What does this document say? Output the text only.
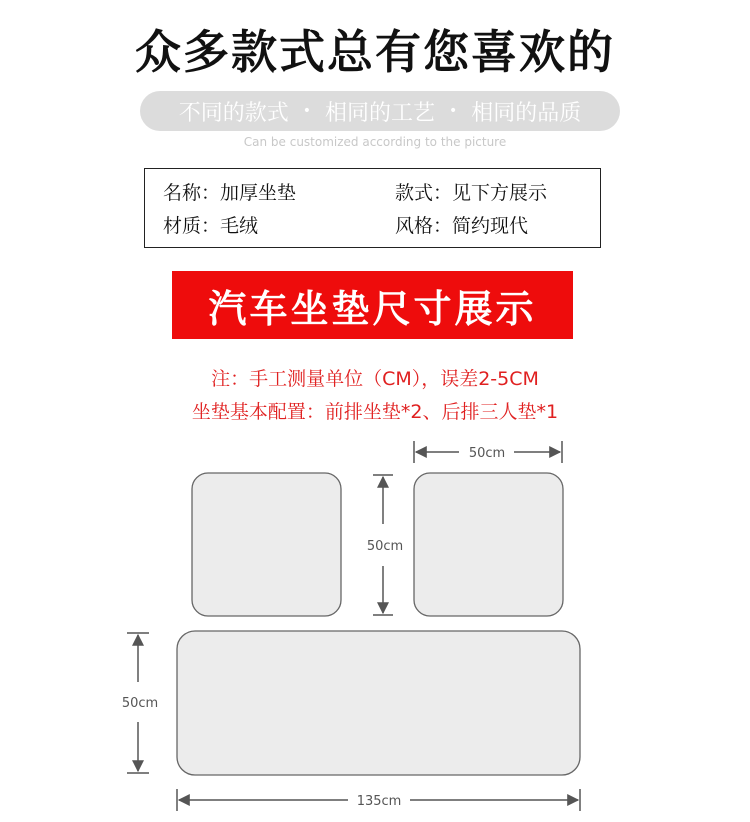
众多款式总有您喜欢的
不同的款式 • 相同的工艺 • 相同的品质
Can be customized according to the picture
名称：加厚坐垫	款式：见下方展示
材质：毛绒	风格：简约现代
汽车坐垫尺寸展示
注：手工测量单位（CM），误差2-5CM
坐垫基本配置：前排坐垫*2、后排三人垫*1
50cm
50cm
50cm
135cm
